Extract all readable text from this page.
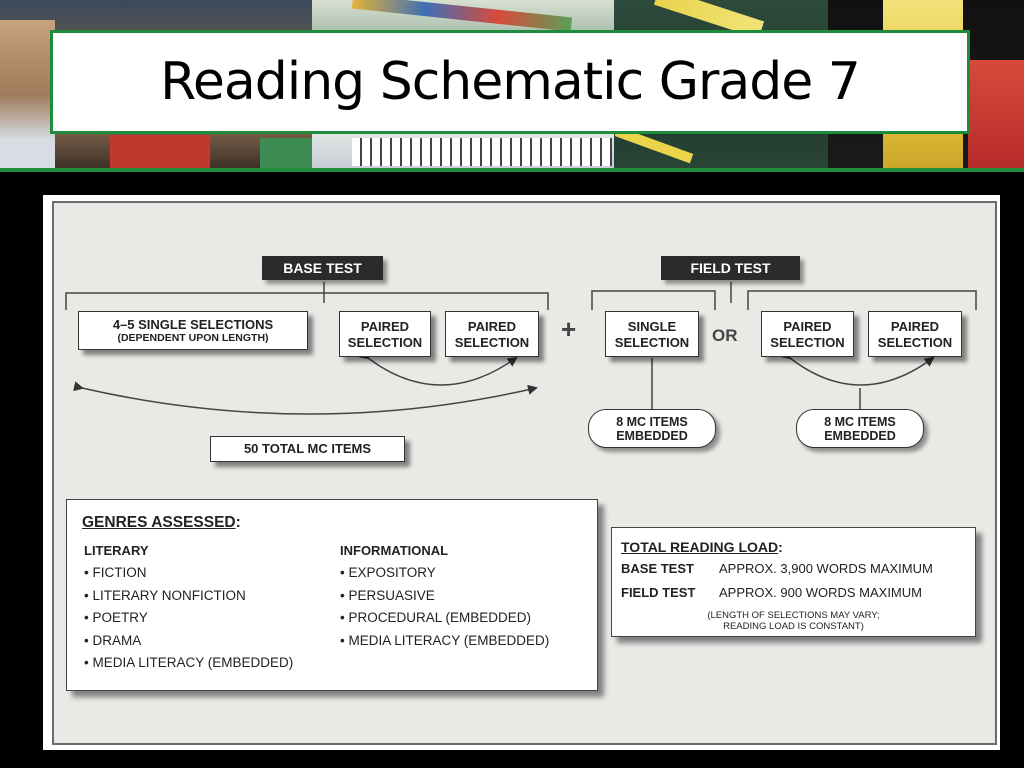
Reading Schematic Grade 7
BASE TEST	FIELD TEST
4–5 SINGLE SELECTIONS
(DEPENDENT UPON LENGTH)
PAIRED
SELECTION
PAIRED
SELECTION	+	SINGLE
SELECTION	OR	PAIRED
SELECTION
PAIRED
SELECTION
8 MC ITEMS
EMBEDDED
8 MC ITEMS
EMBEDDED
50 TOTAL MC ITEMS
GENRES ASSESSED:
LITERARY
• FICTION
• LITERARY NONFICTION
• POETRY
• DRAMA
• MEDIA LITERACY (EMBEDDED)
INFORMATIONAL
• EXPOSITORY
• PERSUASIVE
• PROCEDURAL (EMBEDDED)
• MEDIA LITERACY (EMBEDDED)
TOTAL READING LOAD:
BASE TEST APPROX. 3,900 WORDS MAXIMUM
FIELD TEST APPROX. 900 WORDS MAXIMUM
(LENGTH OF SELECTIONS MAY VARY;
READING LOAD IS CONSTANT)
